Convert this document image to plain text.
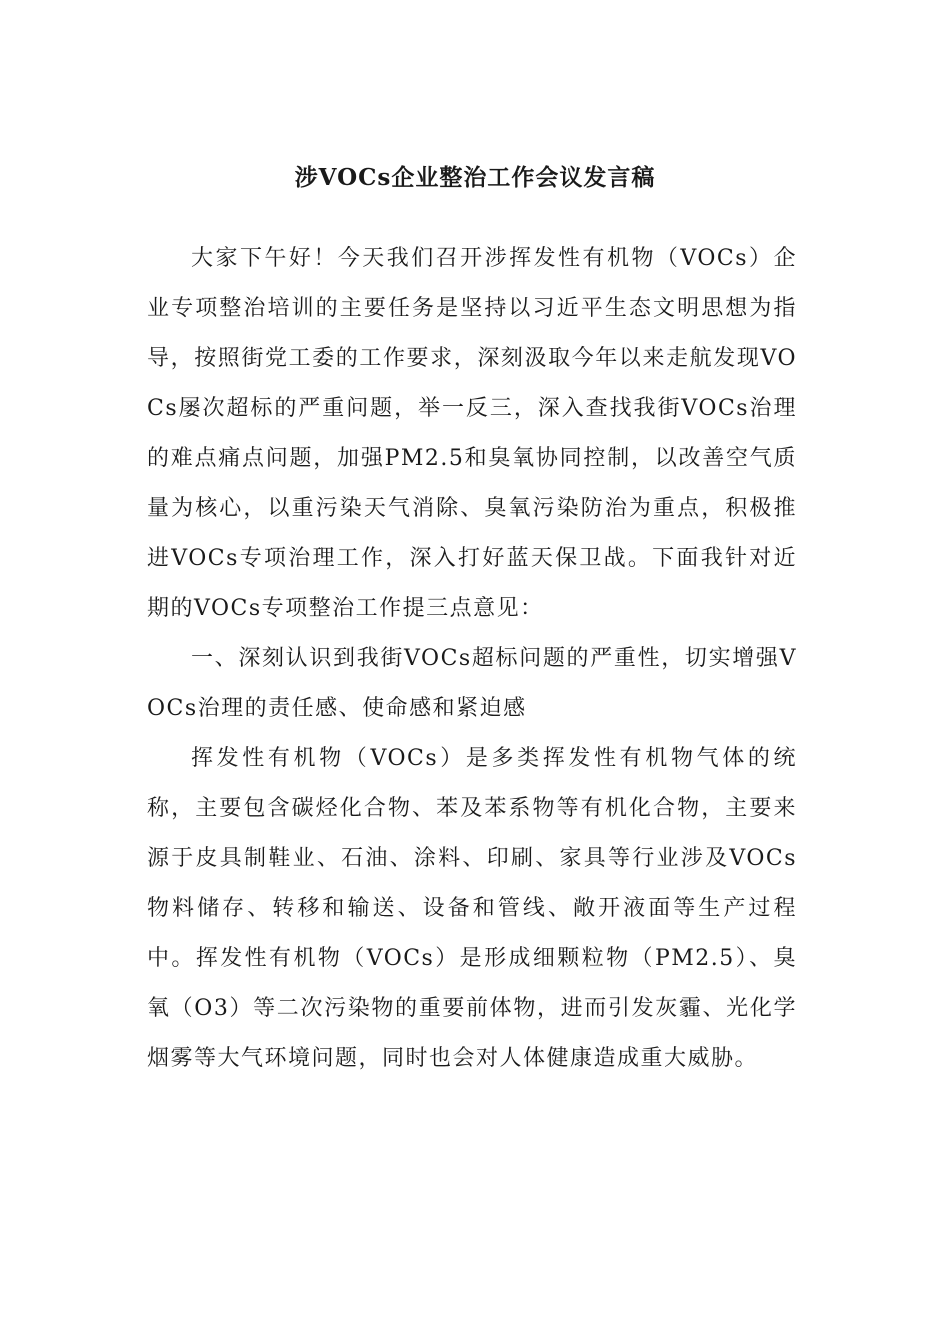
涉VOCs企业整治工作会议发言稿

大家下午好！今天我们召开涉挥发性有机物（VOCs）企业专项整治培训的主要任务是坚持以习近平生态文明思想为指导，按照街党工委的工作要求，深刻汲取今年以来走航发现VOCs屡次超标的严重问题，举一反三，深入查找我街VOCs治理的难点痛点问题，加强PM2.5和臭氧协同控制，以改善空气质量为核心，以重污染天气消除、臭氧污染防治为重点，积极推进VOCs专项治理工作，深入打好蓝天保卫战。下面我针对近期的VOCs专项整治工作提三点意见：

一、深刻认识到我街VOCs超标问题的严重性，切实增强VOCs治理的责任感、使命感和紧迫感

挥发性有机物（VOCs）是多类挥发性有机物气体的统称，主要包含碳烃化合物、苯及苯系物等有机化合物，主要来源于皮具制鞋业、石油、涂料、印刷、家具等行业涉及VOCs物料储存、转移和输送、设备和管线、敞开液面等生产过程中。挥发性有机物（VOCs）是形成细颗粒物（PM2.5）、臭氧（O3）等二次污染物的重要前体物，进而引发灰霾、光化学烟雾等大气环境问题，同时也会对人体健康造成重大威胁。
